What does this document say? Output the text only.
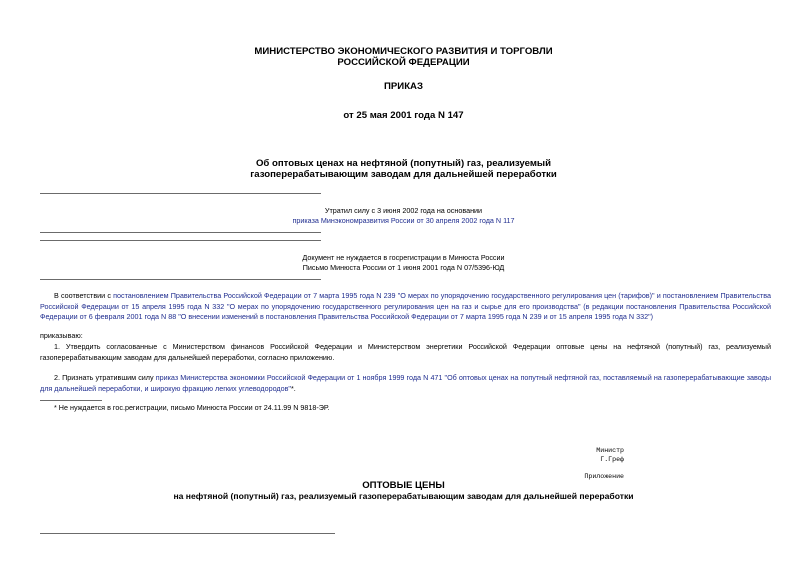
МИНИСТЕРСТВО ЭКОНОМИЧЕСКОГО РАЗВИТИЯ И ТОРГОВЛИ
РОССИЙСКОЙ ФЕДЕРАЦИИ
ПРИКАЗ
от 25 мая 2001 года N 147
Об оптовых ценах на нефтяной (попутный) газ, реализуемый
газоперерабатывающим заводам для дальнейшей переработки
Утратил силу с 3 июня 2002 года на основании
приказа Минэкономразвития России от 30 апреля 2002 года N 117
Документ не нуждается в госрегистрации в Минюста России
Письмо Минюста России от 1 июня 2001 года N 07/5396-ЮД
В соответствии с постановлением Правительства Российской Федерации от 7 марта 1995 года N 239 "О мерах по упорядочению государственного регулирования цен (тарифов)" и постановлением Правительства Российской Федерации от 15 апреля 1995 года N 332 "О мерах по упорядочению государственного регулирования цен на газ и сырье для его производства" (в редакции постановления Правительства Российской Федерации от 6 февраля 2001 года N 88 "О внесении изменений в постановления Правительства Российской Федерации от 7 марта 1995 года N 239 и от 15 апреля 1995 года N 332")
приказываю:
1. Утвердить согласованные с Министерством финансов Российской Федерации и Министерством энергетики Российской Федерации оптовые цены на нефтяной (попутный) газ, реализуемый газоперерабатывающим заводам для дальнейшей переработки, согласно приложению.
2. Признать утратившим силу приказ Министерства экономики Российской Федерации от 1 ноября 1999 года N 471 "Об оптовых ценах на попутный нефтяной газ, поставляемый на газоперерабатывающие заводы для дальнейшей переработки, и широкую фракцию легких углеводородов"*.
* Не нуждается в гос.регистрации, письмо Минюста России от 24.11.99 N 9818-ЭР.
Министр
Г.Греф
Приложение
ОПТОВЫЕ ЦЕНЫ
на нефтяной (попутный) газ, реализуемый газоперерабатывающим заводам для дальнейшей переработки
